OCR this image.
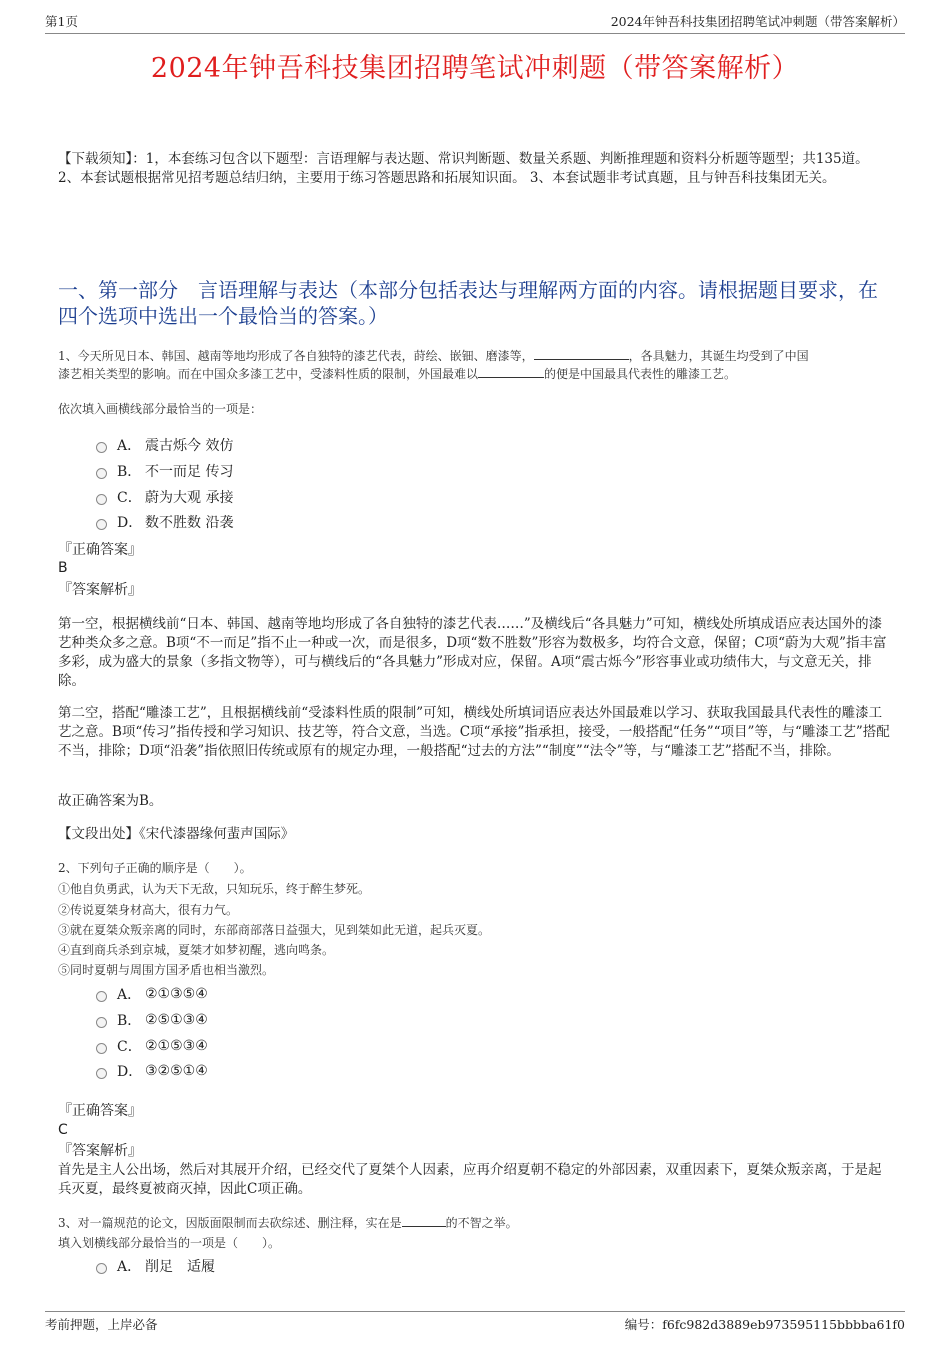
第1页	2024年钟吾科技集团招聘笔试冲刺题（带答案解析）
2024年钟吾科技集团招聘笔试冲刺题（带答案解析）
【下载须知】：1，本套练习包含以下题型：言语理解与表达题、常识判断题、数量关系题、判断推理题和资料分析题等题型；共135道。 2、本套试题根据常见招考题总结归纳，主要用于练习答题思路和拓展知识面。 3、本套试题非考试真题，且与钟吾科技集团无关。
一、第一部分　言语理解与表达（本部分包括表达与理解两方面的内容。请根据题目要求，在四个选项中选出一个最恰当的答案。）
1、今天所见日本、韩国、越南等地均形成了各自独特的漆艺代表，莳绘、嵌钿、磨漆等，	，各具魅力，其诞生均受到了中国
漆艺相关类型的影响。而在中国众多漆工艺中，受漆料性质的限制，外国最难以	的便是中国最具代表性的雕漆工艺。
依次填入画横线部分最恰当的一项是：
A． 震古烁今 效仿
B． 不一而足 传习
C． 蔚为大观 承接
D． 数不胜数 沿袭
『正确答案』
B
『答案解析』
第一空，根据横线前“日本、韩国、越南等地均形成了各自独特的漆艺代表……”及横线后“各具魅力”可知，横线处所填成语应表达国外的漆艺种类众多之意。B项“不一而足”指不止一种或一次，而是很多，D项“数不胜数”形容为数极多，均符合文意，保留；C项“蔚为大观”指丰富多彩，成为盛大的景象（多指文物等），可与横线后的“各具魅力”形成对应，保留。A项“震古烁今”形容事业或功绩伟大，与文意无关，排除。
第二空，搭配“雕漆工艺”，且根据横线前“受漆料性质的限制”可知，横线处所填词语应表达外国最难以学习、获取我国最具代表性的雕漆工艺之意。B项“传习”指传授和学习知识、技艺等，符合文意，当选。C项“承接”指承担，接受，一般搭配“任务”“项目”等，与“雕漆工艺”搭配不当，排除；D项“沿袭”指依照旧传统或原有的规定办理，一般搭配“过去的方法”“制度”“法令”等，与“雕漆工艺”搭配不当，排除。
故正确答案为B。
【文段出处】《宋代漆器缘何蜚声国际》
2、下列句子正确的顺序是（　　）。
①他自负勇武，认为天下无敌，只知玩乐，终于醉生梦死。
②传说夏桀身材高大，很有力气。
③就在夏桀众叛亲离的同时，东部商部落日益强大，见到桀如此无道，起兵灭夏。
④直到商兵杀到京城，夏桀才如梦初醒，逃向鸣条。
⑤同时夏朝与周围方国矛盾也相当激烈。
A． ②①③⑤④
B． ②⑤①③④
C． ②①⑤③④
D． ③②⑤①④
『正确答案』
C
『答案解析』
首先是主人公出场，然后对其展开介绍，已经交代了夏桀个人因素，应再介绍夏朝不稳定的外部因素，双重因素下，夏桀众叛亲离，于是起兵灭夏，最终夏被商灭掉，因此C项正确。
3、对一篇规范的论文，因版面限制而去砍综述、删注释，实在是	的不智之举。
填入划横线部分最恰当的一项是（　　）。
A． 削足　适履
考前押题，上岸必备	编号：f6fc982d3889eb973595115bbbba61f0
